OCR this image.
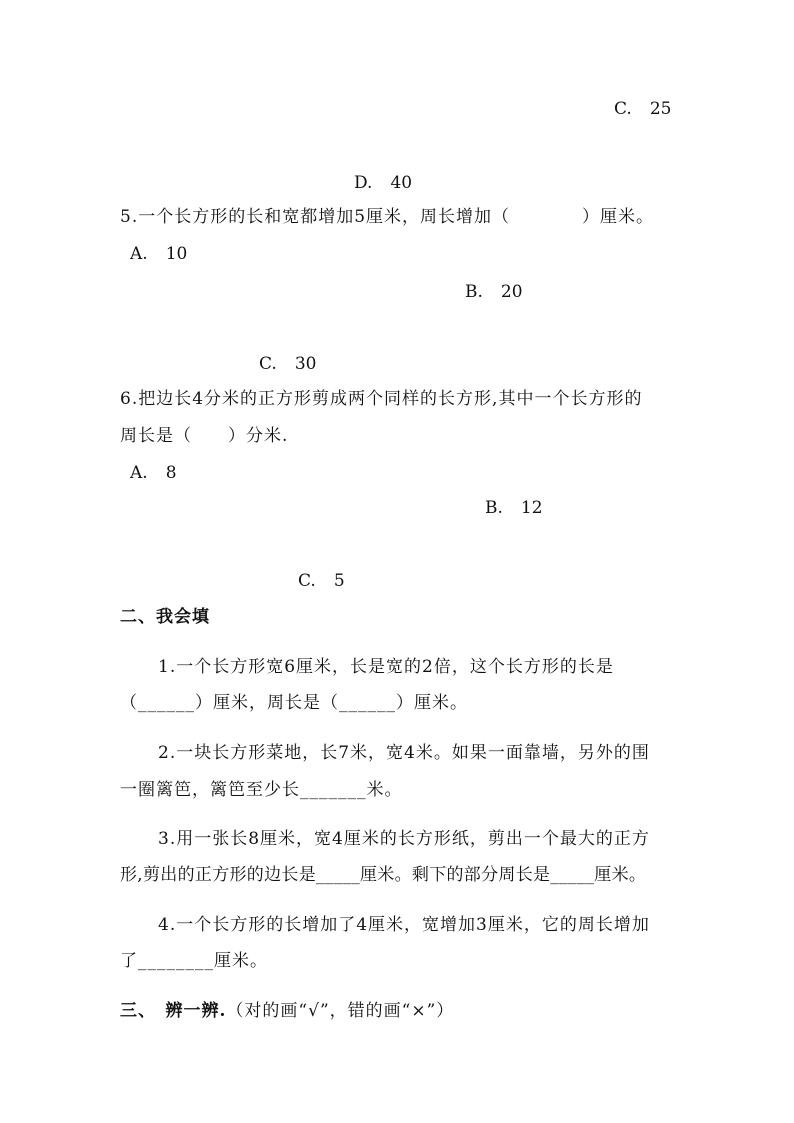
C. 25
D. 40
5.一个长方形的长和宽都增加5厘米，周长增加（　　　　）厘米。
A. 10
B. 20
C. 30
6.把边长4分米的正方形剪成两个同样的长方形,其中一个长方形的
周长是（　　）分米.
A. 8
B. 12
C. 5
二、我会填
1.一个长方形宽6厘米，长是宽的2倍，这个长方形的长是
（______）厘米，周长是（______）厘米。
2.一块长方形菜地，长7米，宽4米。如果一面靠墙，另外的围
一圈篱笆，篱笆至少长_______米。
3.用一张长8厘米，宽4厘米的长方形纸，剪出一个最大的正方
形,剪出的正方形的边长是_____厘米。剩下的部分周长是_____厘米。
4.一个长方形的长增加了4厘米，宽增加3厘米，它的周长增加
了________厘米。
三、　辨一辨.（对的画“√”，错的画“×”）
